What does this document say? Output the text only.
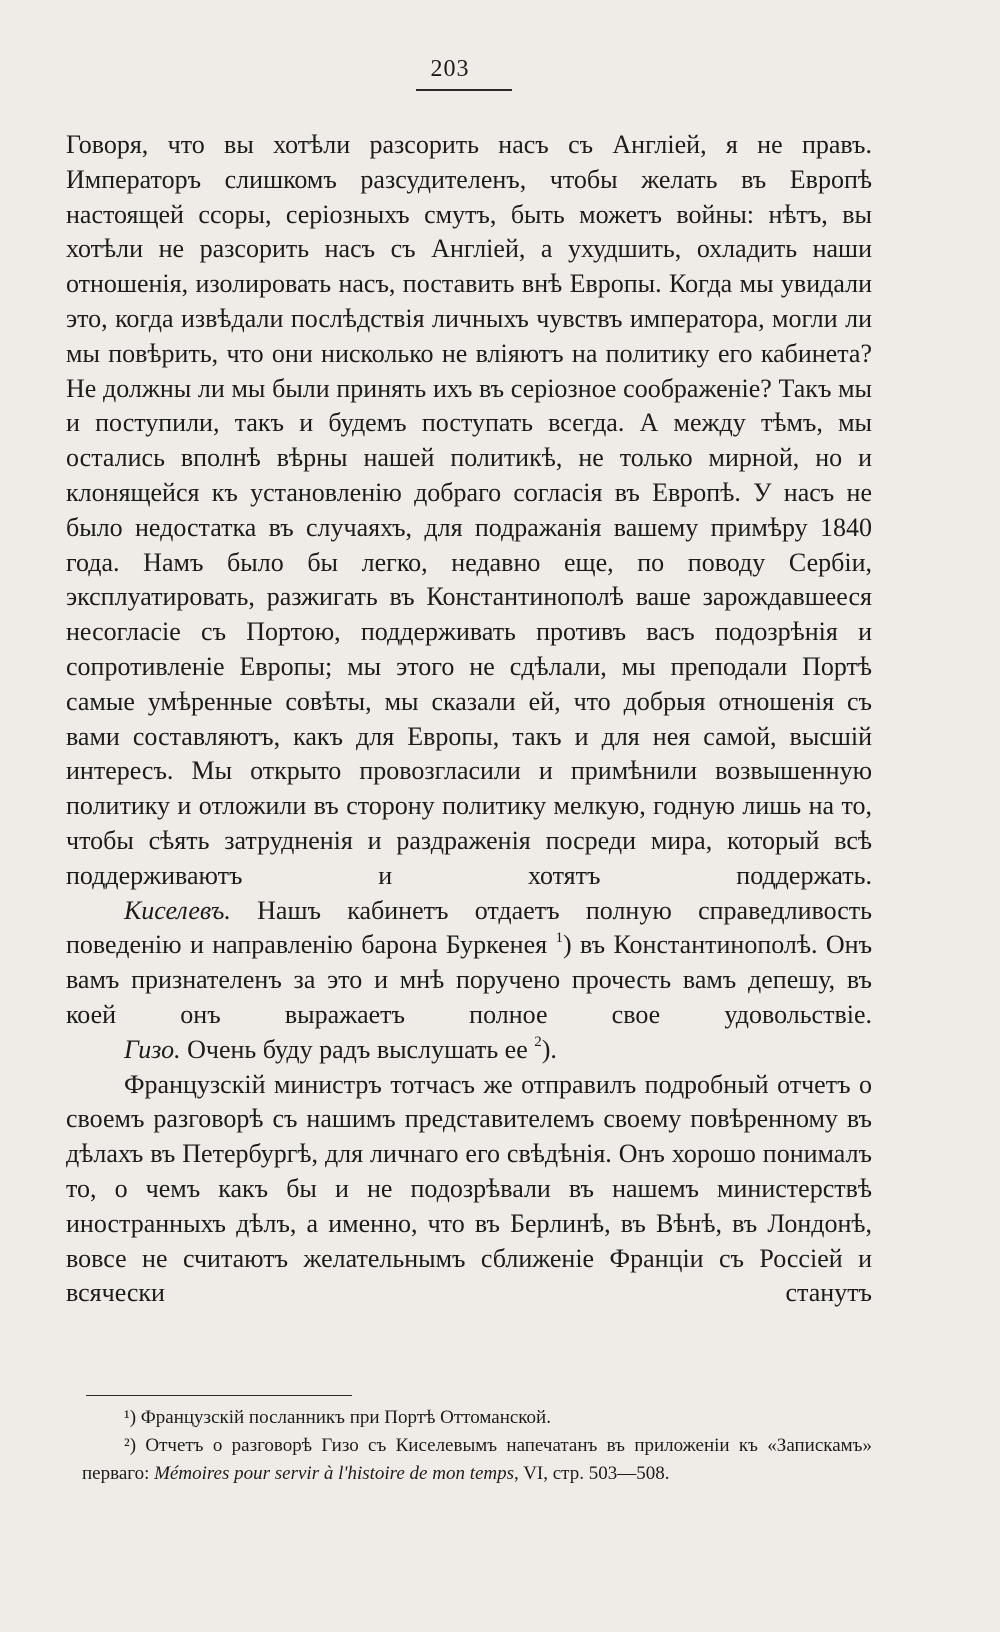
203

Говоря, что вы хотѣли разсорить насъ съ Англіей, я не правъ. Императоръ слишкомъ разсудителенъ, чтобы желать въ Европѣ настоящей ссоры, серіозныхъ смутъ, быть можетъ войны: нѣтъ, вы хотѣли не разсорить насъ съ Англіей, а ухудшить, охладить наши отношенія, изолировать насъ, поставить внѣ Европы. Когда мы увидали это, когда извѣдали послѣдствія личныхъ чувствъ императора, могли ли мы повѣрить, что они нисколько не вліяютъ на политику его кабинета? Не должны ли мы были принять ихъ въ серіозное соображеніе? Такъ мы и поступили, такъ и будемъ поступать всегда. А между тѣмъ, мы остались вполнѣ вѣрны нашей политикѣ, не только мирной, но и клонящейся къ установленію добраго согласія въ Европѣ. У насъ не было недостатка въ случаяхъ, для подражанія вашему примѣру 1840 года. Намъ было бы легко, недавно еще, по поводу Сербіи, эксплуатировать, разжигать въ Константинополѣ ваше зарождавшееся несогласіе съ Портою, поддерживать противъ васъ подозрѣнія и сопротивленіе Европы; мы этого не сдѣлали, мы преподали Портѣ самые умѣренные совѣты, мы сказали ей, что добрыя отношенія съ вами составляютъ, какъ для Европы, такъ и для нея самой, высшій интересъ. Мы открыто провозгласили и примѣнили возвышенную политику и отложили въ сторону политику мелкую, годную лишь на то, чтобы сѣять затрудненія и раздраженія посреди мира, который всѣ поддерживаютъ и хотятъ поддержать.

Киселевъ. Нашъ кабинетъ отдаетъ полную справедливость поведенію и направленію барона Буркенея $^1$) въ Константинополѣ. Онъ вамъ признателенъ за это и мнѣ поручено прочесть вамъ депешу, въ коей онъ выражаетъ полное свое удовольствіе.

Гизо. Очень буду радъ выслушать ее $^2$).

Французскій министръ тотчасъ же отправилъ подробный отчетъ о своемъ разговорѣ съ нашимъ представителемъ своему повѣренному въ дѣлахъ въ Петербургѣ, для личнаго его свѣдѣнія. Онъ хорошо понималъ то, о чемъ какъ бы и не подозрѣвали въ нашемъ министерствѣ иностранныхъ дѣлъ, а именно, что въ Берлинѣ, въ Вѣнѣ, въ Лондонѣ, вовсе не считаютъ желательнымъ сближеніе Франціи съ Россіей и всячески станутъ

¹) Французскій посланникъ при Портѣ Оттоманской.

²) Отчетъ о разговорѣ Гизо съ Киселевымъ напечатанъ въ приложеніи къ «Запискамъ» перваго: Mémoires pour servir à l'histoire de mon temps, VI, стр. 503—508.
